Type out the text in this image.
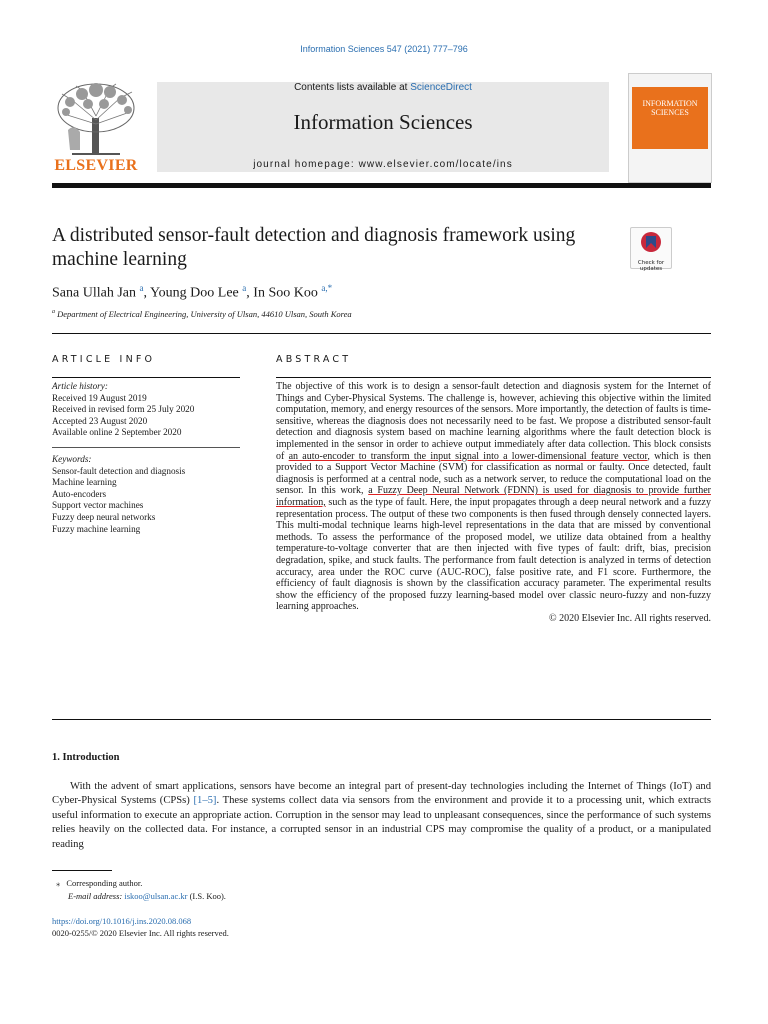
Information Sciences 547 (2021) 777–796
ELSEVIER
Contents lists available at ScienceDirect
Information Sciences
journal homepage: www.elsevier.com/locate/ins
INFORMATION SCIENCES
A distributed sensor-fault detection and diagnosis framework using machine learning	Check for updates
Sana Ullah Jan $^a$, Young Doo Lee $^a$, In Soo Koo $^{a,*}$
$^a$ Department of Electrical Engineering, University of Ulsan, 44610 Ulsan, South Korea
ARTICLE INFO
Article history:
Received 19 August 2019
Received in revised form 25 July 2020
Accepted 23 August 2020
Available online 2 September 2020
Keywords:
Sensor-fault detection and diagnosis
Machine learning
Auto-encoders
Support vector machines
Fuzzy deep neural networks
Fuzzy machine learning
ABSTRACT

The objective of this work is to design a sensor-fault detection and diagnosis system for the Internet of Things and Cyber-Physical Systems. The challenge is, however, achieving this objective within the limited computation, memory, and energy resources of the sensors. More importantly, the detection of faults is time-sensitive, whereas the diagnosis does not necessarily need to be fast. We propose a distributed sensor-fault detection and diagnosis system based on machine learning algorithms where the fault detection block is implemented in the sensor in order to achieve output immediately after data collection. This block consists of an auto-encoder to transform the input signal into a lower-dimensional feature vector, which is then provided to a Support Vector Machine (SVM) for classification as normal or faulty. Once detected, fault diagnosis is performed at a central node, such as a network server, to reduce the computational load on the sensor. In this work, a Fuzzy Deep Neural Network (FDNN) is used for diagnosis to provide further information, such as the type of fault. Here, the input propagates through a deep neural network and a fuzzy representation process. The output of these two components is then fused through densely connected layers. This multi-modal technique learns high-level representations in the data that are missed by conventional methods. To assess the performance of the proposed model, we utilize data obtained from a healthy temperature-to-voltage converter that are then injected with five types of fault: drift, bias, precision degradation, spike, and stuck faults. The performance from fault detection is analyzed in terms of detection accuracy, area under the ROC curve (AUC-ROC), false positive rate, and F1 score. Furthermore, the efficiency of fault diagnosis is shown by the classification accuracy parameter. The experimental results show the efficiency of the proposed fuzzy learning-based model over classic neuro-fuzzy and non-fuzzy learning approaches.

© 2020 Elsevier Inc. All rights reserved.

1. Introduction
With the advent of smart applications, sensors have become an integral part of present-day technologies including the Internet of Things (IoT) and Cyber-Physical Systems (CPSs) [1–5]. These systems collect data via sensors from the environment and provide it to a processing unit, which extracts useful information to execute an appropriate action. Corruption in the sensor may lead to unpleasant consequences, since the performance of such systems relies heavily on the collected data. For instance, a corrupted sensor in an industrial CPS may compromise the quality of a product, or a manipulated reading
⁎ Corresponding author.
E-mail address: iskoo@ulsan.ac.kr (I.S. Koo).
https://doi.org/10.1016/j.ins.2020.08.068
0020-0255/© 2020 Elsevier Inc. All rights reserved.
